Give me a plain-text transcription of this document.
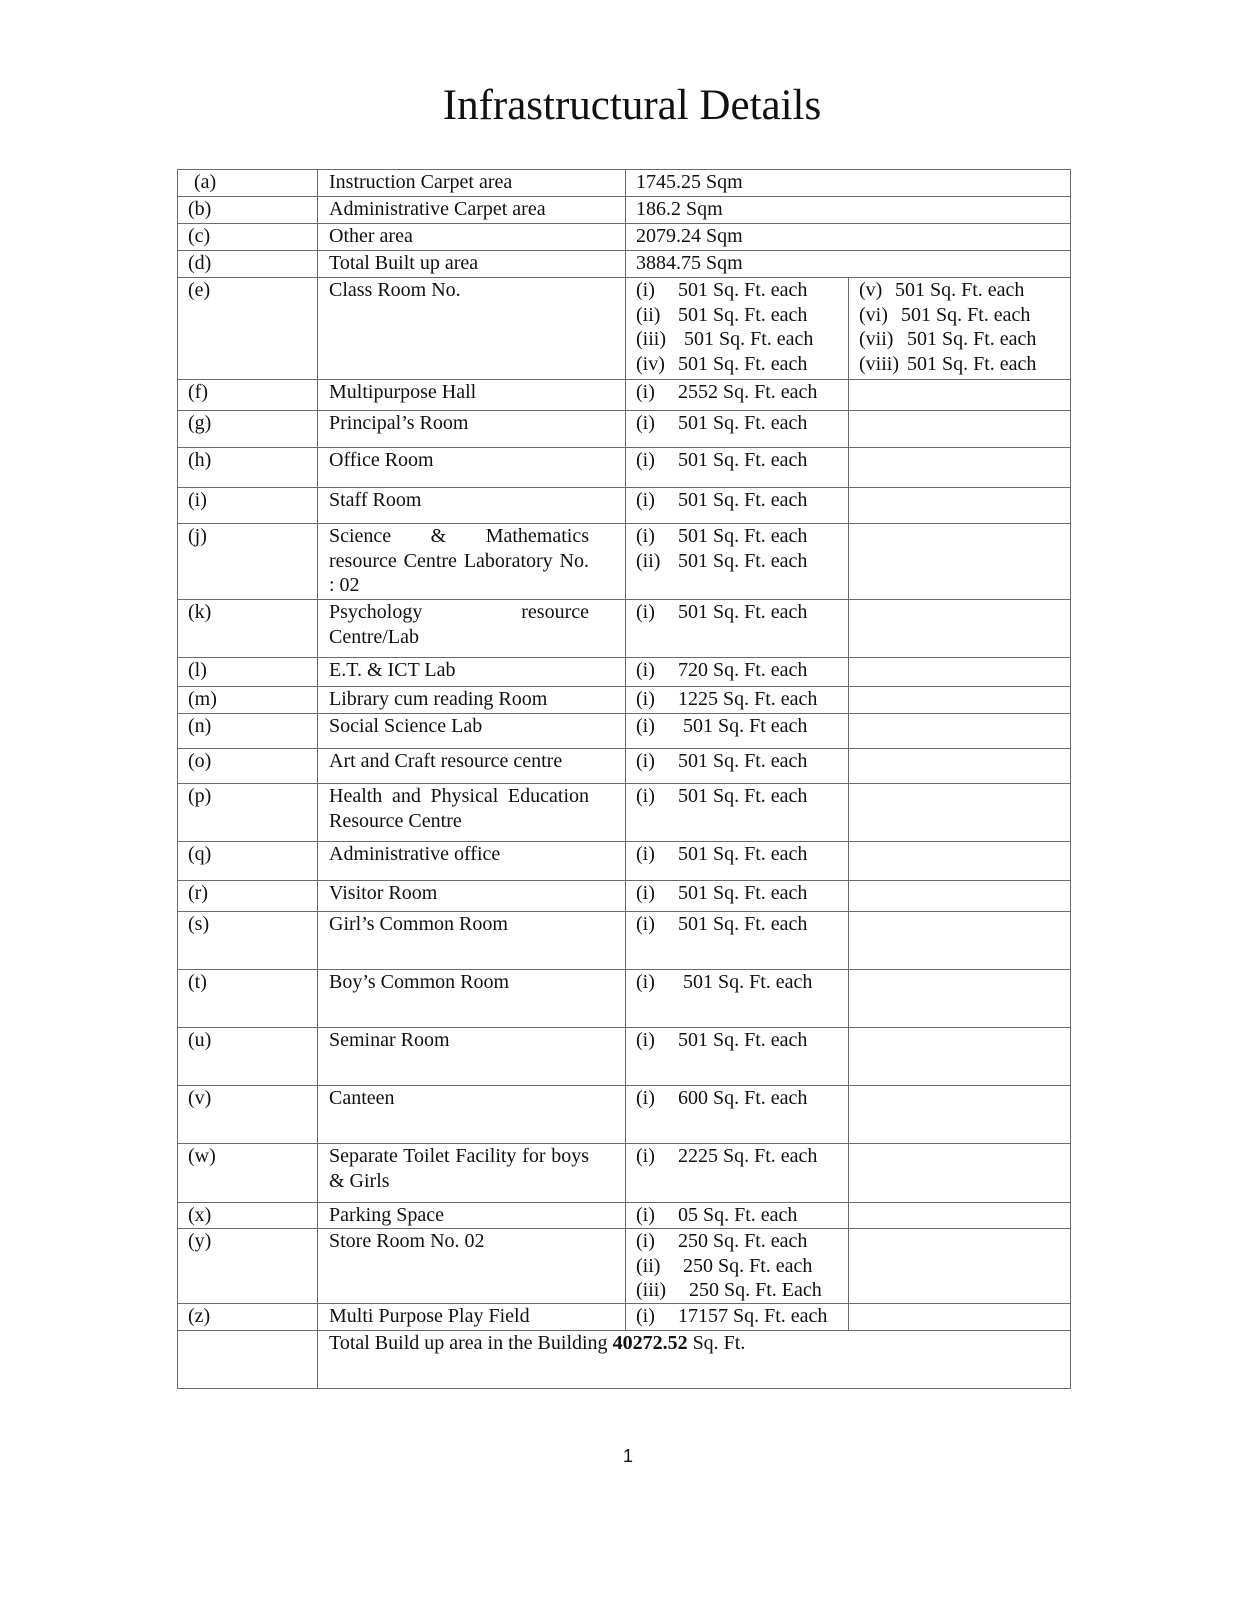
Infrastructural Details
(a)	Instruction Carpet area	1745.25 Sqm	
(b)	Administrative Carpet area	186.2 Sqm	
(c)	Other area	2079.24 Sqm	
(d)	Total Built up area	3884.75 Sqm	
(e)	Class Room No.	(i) 501 Sq. Ft. each
(ii) 501 Sq. Ft. each
(iii) 501 Sq. Ft. each
(iv) 501 Sq. Ft. each	(v) 501 Sq. Ft. each
(vi) 501 Sq. Ft. each
(vii) 501 Sq. Ft. each
(viii) 501 Sq. Ft. each

(f)	Multipurpose Hall	(i) 2552 Sq. Ft. each	

(g)	Principal’s Room	(i) 501 Sq. Ft. each	

(h)	Office Room	(i) 501 Sq. Ft. each	

(i)	Staff Room	(i) 501 Sq. Ft. each	

(j)	Science & Mathematics resource Centre Laboratory No. : 02	(i) 501 Sq. Ft. each
(ii) 501 Sq. Ft. each	

(k)	Psychology resource Centre/Lab	(i) 501 Sq. Ft. each	

(l)	E.T. & ICT Lab	(i) 720 Sq. Ft. each	

(m)	Library cum reading Room	(i) 1225 Sq. Ft. each	

(n)	Social Science Lab	(i) 501 Sq. Ft each	

(o)	Art and Craft resource centre	(i) 501 Sq. Ft. each	

(p)	Health and Physical Education Resource Centre	(i) 501 Sq. Ft. each	

(q)	Administrative office	(i) 501 Sq. Ft. each	

(r)	Visitor Room	(i) 501 Sq. Ft. each	

(s)	Girl’s Common Room	(i) 501 Sq. Ft. each	

(t)	Boy’s Common Room	(i) 501 Sq. Ft. each	

(u)	Seminar Room	(i) 501 Sq. Ft. each	

(v)	Canteen	(i) 600 Sq. Ft. each	

(w)	Separate Toilet Facility for boys & Girls	(i) 2225 Sq. Ft. each	

(x)	Parking Space	(i) 05 Sq. Ft. each	

(y)	Store Room No. 02	(i) 250 Sq. Ft. each
(ii) 250 Sq. Ft. each
(iii) 250 Sq. Ft. Each	

(z)	Multi Purpose Play Field	(i) 17157 Sq. Ft. each	

	Total Build up area in the Building 40272.52 Sq. Ft.		
1
